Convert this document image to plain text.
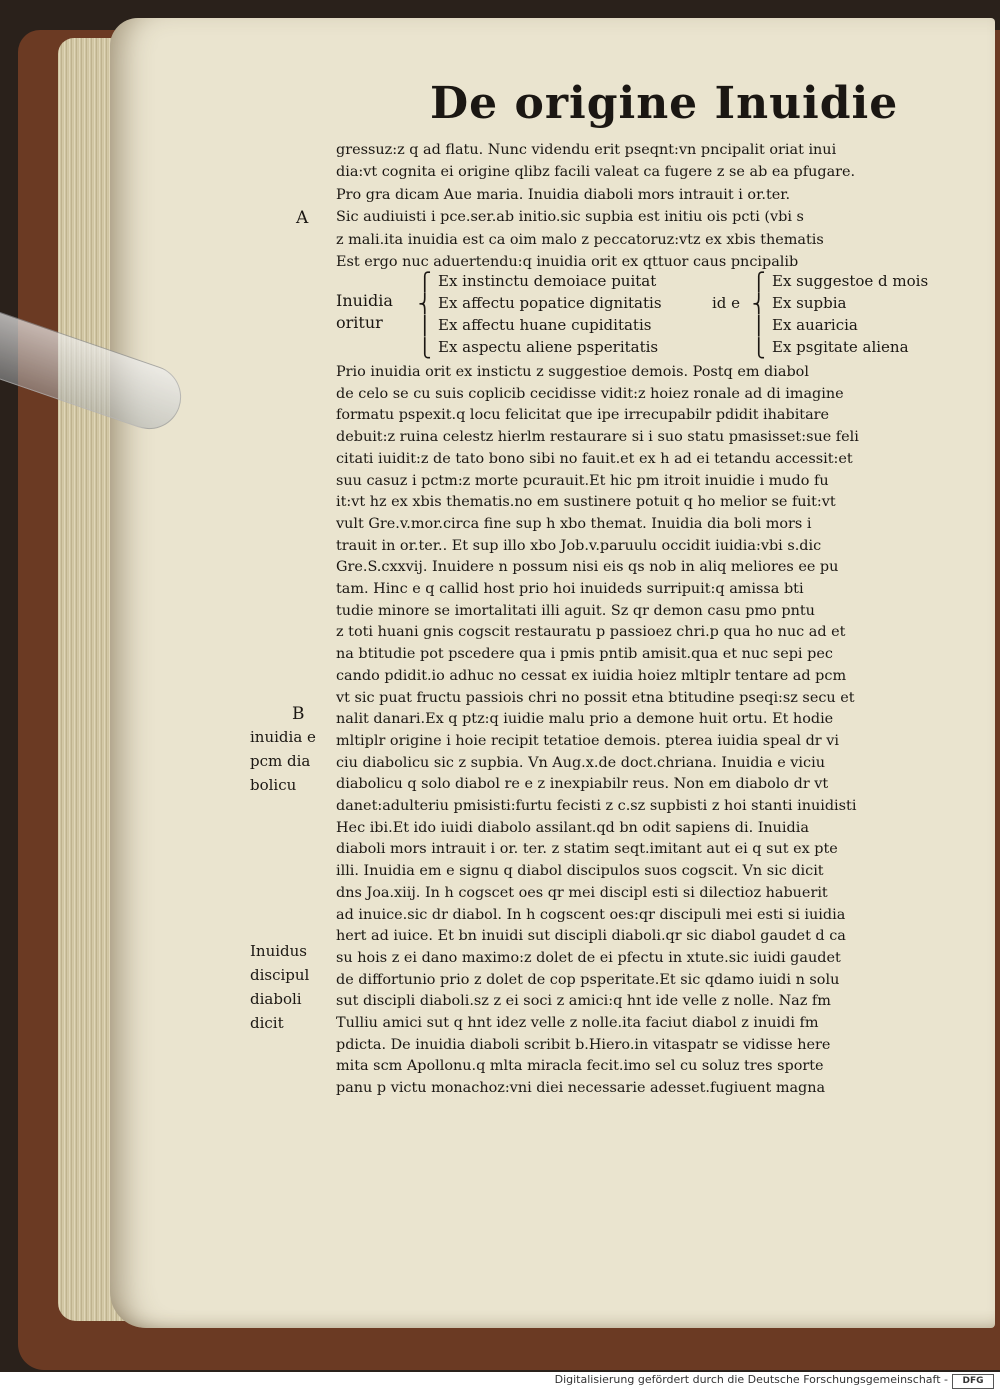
De origine Inuidie
gressuz:z q ad flatu. Nunc videndu erit pseqnt:vn pncipalit oriat inui
dia:vt cognita ei origine qlibz facili valeat ca fugere z se ab ea pfugare.
Pro gra dicam Aue maria. Inuidia diaboli mors intrauit i or.ter.
Sic audiuisti i pce.ser.ab initio.sic supbia est initiu ois pcti (vbi s
z mali.ita inuidia est ca oim malo z peccatoruz:vtz ex xbis thematis
Est ergo nuc aduertendu:q inuidia orit ex qttuor caus pncipalib
Prio inuidia orit ex instictu z suggestioe demois. Postq em diabol
de celo se cu suis coplicib cecidisse vidit:z hoiez ronale ad di imagine
formatu pspexit.q locu felicitat que ipe irrecupabilr pdidit ihabitare
debuit:z ruina celestz hierlm restaurare si i suo statu pmasisset:sue feli
citati iuidit:z de tato bono sibi no fauit.et ex h ad ei tetandu accessit:et
suu casuz i pctm:z morte pcurauit.Et hic pm itroit inuidie i mudo fu
it:vt hz ex xbis thematis.no em sustinere potuit q ho melior se fuit:vt
vult Gre.v.mor.circa fine sup h xbo themat. Inuidia dia boli mors i
trauit in or.ter.. Et sup illo xbo Job.v.paruulu occidit iuidia:vbi s.dic
Gre.S.cxxvij. Inuidere n possum nisi eis qs nob in aliq meliores ee pu
tam. Hinc e q callid host prio hoi inuideds surripuit:q amissa bti
tudie minore se imortalitati illi aguit. Sz qr demon casu pmo pntu
z toti huani gnis cogscit restauratu p passioez chri.p qua ho nuc ad et
na btitudie pot pscedere qua i pmis pntib amisit.qua et nuc sepi pec
cando pdidit.io adhuc no cessat ex iuidia hoiez mltiplr tentare ad pcm
vt sic puat fructu passiois chri no possit etna btitudine pseqi:sz secu et
nalit danari.Ex q ptz:q iuidie malu prio a demone huit ortu. Et hodie
mltiplr origine i hoie recipit tetatioe demois. pterea iuidia speal dr vi
ciu diabolicu sic z supbia. Vn Aug.x.de doct.chriana. Inuidia e viciu
diabolicu q solo diabol re e z inexpiabilr reus. Non em diabolo dr vt
danet:adulteriu pmisisti:furtu fecisti z c.sz supbisti z hoi stanti inuidisti
Hec ibi.Et ido iuidi diabolo assilant.qd bn odit sapiens di. Inuidia
diaboli mors intrauit i or. ter. z statim seqt.imitant aut ei q sut ex pte
illi. Inuidia em e signu q diabol discipulos suos cogscit. Vn sic dicit
dns Joa.xiij. In h cogscet oes qr mei discipl esti si dilectioz habuerit
ad inuice.sic dr diabol. In h cogscent oes:qr discipuli mei esti si iuidia
hert ad iuice. Et bn inuidi sut discipli diaboli.qr sic diabol gaudet d ca
su hois z ei dano maximo:z dolet de ei pfectu in xtute.sic iuidi gaudet
de diffortunio prio z dolet de cop psperitate.Et sic qdamo iuidi n solu
sut discipli diaboli.sz z ei soci z amici:q hnt ide velle z nolle. Naz fm
Tulliu amici sut q hnt idez velle z nolle.ita faciut diabol z inuidi fm
pdicta. De inuidia diaboli scribit b.Hiero.in vitaspatr se vidisse here
mita scm Apollonu.q mlta miracla fecit.imo sel cu soluz tres sporte
panu p victu monachoz:vni diei necessarie adesset.fugiuent magna
Inuidia
oritur
⎧
⎨
⎪
⎩
Ex instinctu demoiace puitat
Ex affectu popatice dignitatis
Ex affectu huane cupiditatis
Ex aspectu aliene psperitatis
id e
⎧
⎨
⎪
⎩
Ex suggestoe d mois
Ex supbia
Ex auaricia
Ex psgitate aliena
A
B
inuidia e
pcm dia
bolicu
Inuidus
discipul
diaboli
dicit
Digitalisierung gefördert durch die Deutsche Forschungsgemeinschaft -	DFG
